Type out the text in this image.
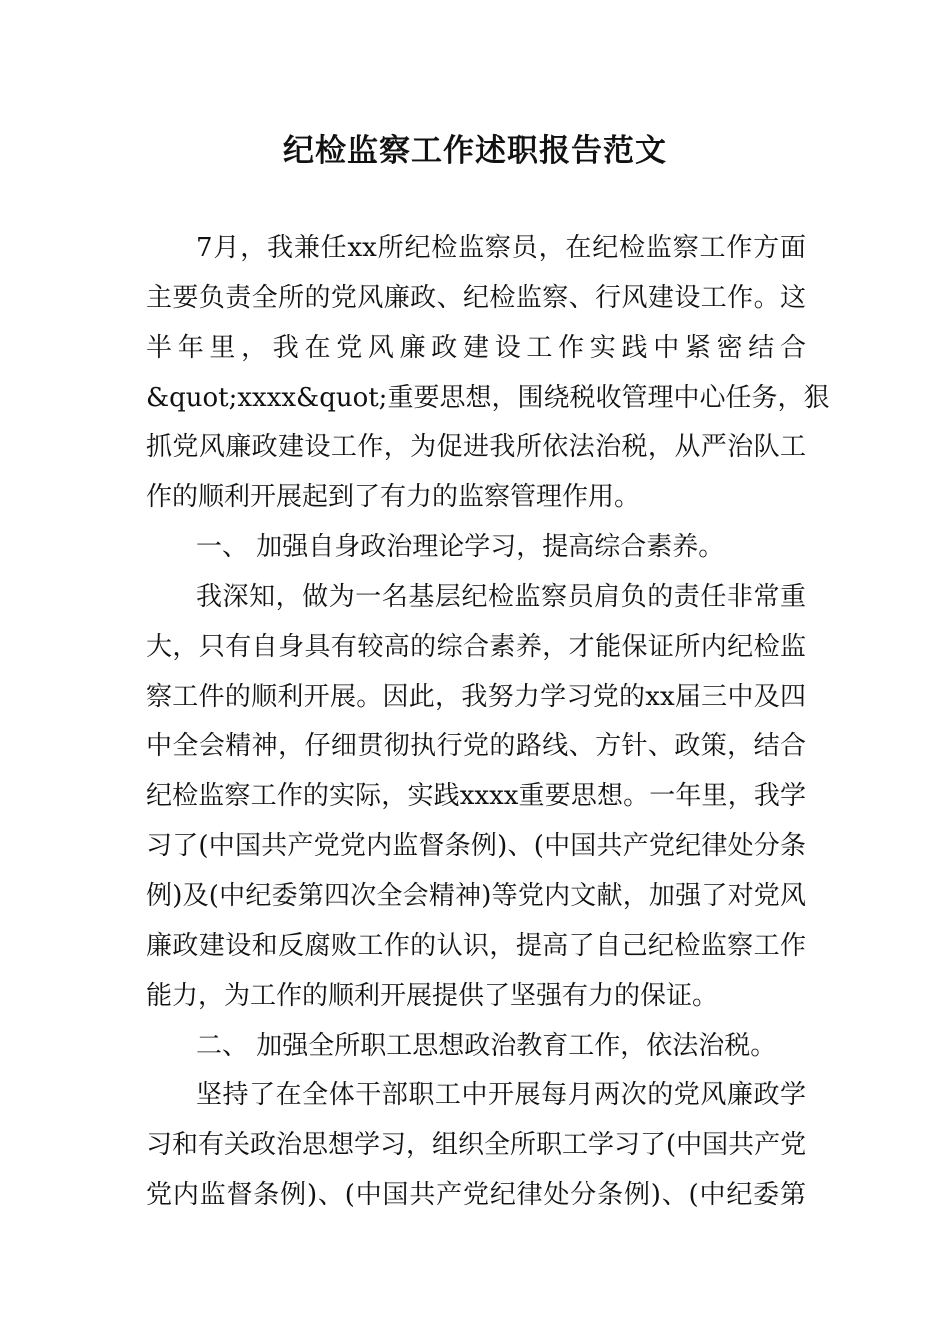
纪检监察工作述职报告范文
7月，我兼任xx所纪检监察员，在纪检监察工作方面
主要负责全所的党风廉政、纪检监察、行风建设工作。这
半年里，我在党风廉政建设工作实践中紧密结合
&quot;xxxx&quot;重要思想，围绕税收管理中心任务，狠
抓党风廉政建设工作，为促进我所依法治税，从严治队工
作的顺利开展起到了有力的监察管理作用。
一、 加强自身政治理论学习，提高综合素养。
我深知，做为一名基层纪检监察员肩负的责任非常重
大，只有自身具有较高的综合素养，才能保证所内纪检监
察工件的顺利开展。因此，我努力学习党的xx届三中及四
中全会精神，仔细贯彻执行党的路线、方针、政策，结合
纪检监察工作的实际，实践xxxx重要思想。一年里，我学
习了(中国共产党党内监督条例)、(中国共产党纪律处分条
例)及(中纪委第四次全会精神)等党内文献，加强了对党风
廉政建设和反腐败工作的认识，提高了自己纪检监察工作
能力，为工作的顺利开展提供了坚强有力的保证。
二、 加强全所职工思想政治教育工作，依法治税。
坚持了在全体干部职工中开展每月两次的党风廉政学
习和有关政治思想学习，组织全所职工学习了(中国共产党
党内监督条例)、(中国共产党纪律处分条例)、(中纪委第
